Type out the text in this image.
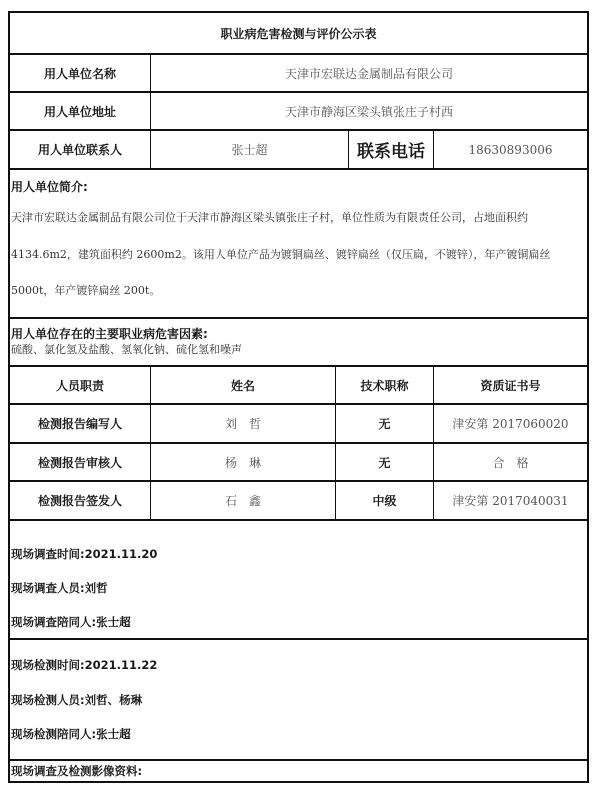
职业病危害检测与评价公示表
用人单位名称	天津市宏联达金属制品有限公司
用人单位地址	天津市静海区梁头镇张庄子村西
用人单位联系人	张士超	联系电话	18630893006
用人单位简介:

天津市宏联达金属制品有限公司位于天津市静海区梁头镇张庄子村，单位性质为有限责任公司，占地面积约

4134.6m2，建筑面积约 2600m2。该用人单位产品为镀铜扁丝、镀锌扁丝（仅压扁，不镀锌），年产镀铜扁丝

5000t，年产镀锌扁丝 200t。

用人单位存在的主要职业病危害因素:
硫酸、氯化氢及盐酸、氢氧化钠、硫化氢和噪声
人员职责	姓名	技术职称	资质证书号
检测报告编写人	刘　哲	无	津安第 2017060020
检测报告审核人	杨　琳	无	合　格
检测报告签发人	石　鑫	中级	津安第 2017040031
现场调查时间:2021.11.20
现场调查人员:刘哲
现场调查陪同人:张士超
现场检测时间:2021.11.22
现场检测人员:刘哲、杨琳
现场检测陪同人:张士超
现场调查及检测影像资料:
